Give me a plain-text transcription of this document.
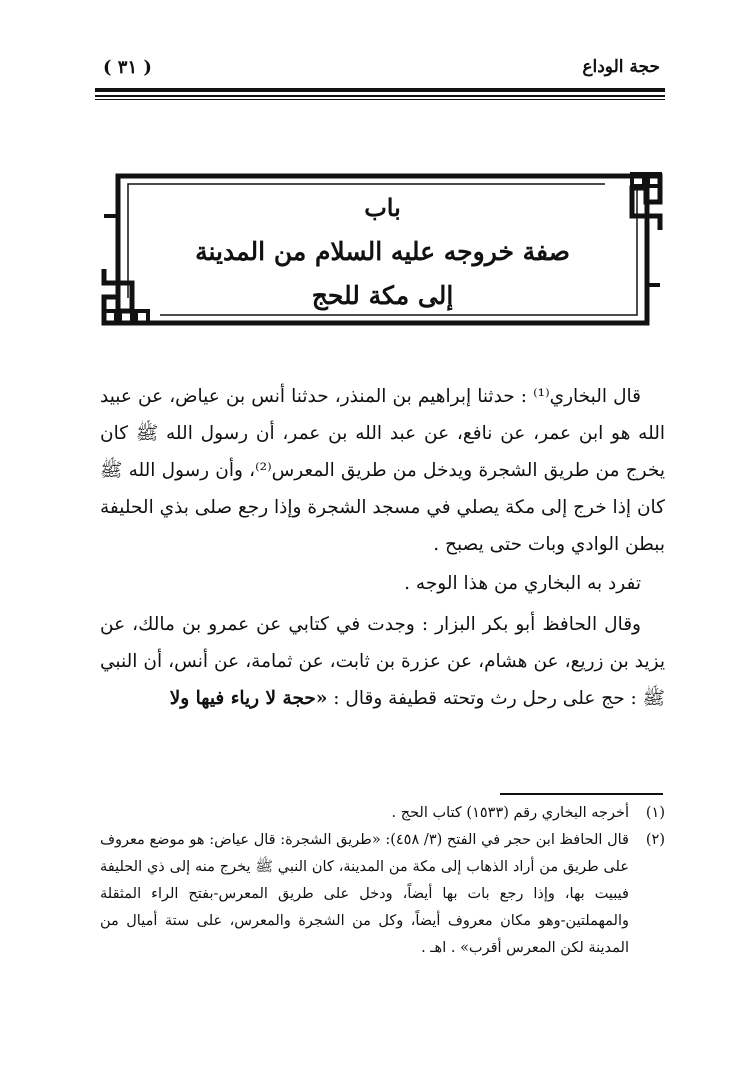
حجة الوداع
( ٣١ )
باب
صفة خروجه عليه السلام من المدينة
إلى مكة للحج

قال البخاري⁽¹⁾ : حدثنا إبراهيم بن المنذر، حدثنا أنس بن عياض، عن عبيد الله هو ابن عمر، عن نافع، عن عبد الله بن عمر، أن رسول الله ﷺ كان يخرج من طريق الشجرة ويدخل من طريق المعرس⁽²⁾، وأن رسول الله ﷺ كان إذا خرج إلى مكة يصلي في مسجد الشجرة وإذا رجع صلى بذي الحليفة ببطن الوادي وبات حتى يصبح .

تفرد به البخاري من هذا الوجه .

وقال الحافظ أبو بكر البزار : وجدت في كتابي عن عمرو بن مالك، عن يزيد بن زريع، عن هشام، عن عزرة بن ثابت، عن ثمامة، عن أنس، أن النبي ﷺ : حج على رحل رث وتحته قطيفة وقال : «حجة لا رياء فيها ولا

(١)
أخرجه البخاري رقم (١٥٣٣) كتاب الحج .
(٢)
قال الحافظ ابن حجر في الفتح (٣/ ٤٥٨): «طريق الشجرة: قال عياض: هو موضع معروف على طريق من أراد الذهاب إلى مكة من المدينة، كان النبي ﷺ يخرج منه إلى ذي الحليفة فيبيت بها، وإذا رجع بات بها أيضاً، ودخل على طريق المعرس-بفتح الراء المثقلة والمهملتين-وهو مكان معروف أيضاً، وكل من الشجرة والمعرس، على ستة أميال من المدينة لكن المعرس أقرب» . اهـ .
